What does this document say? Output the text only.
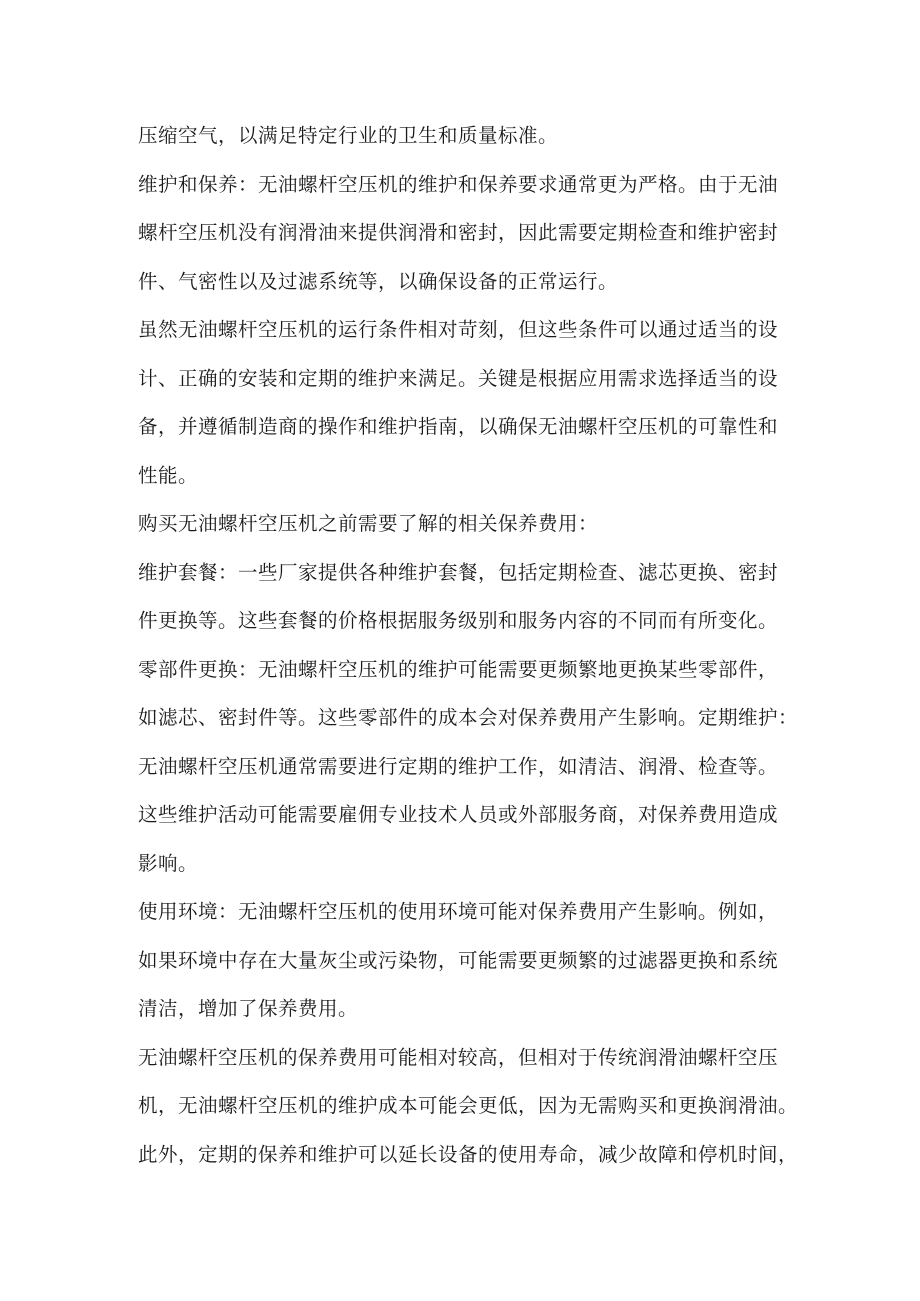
压缩空气，以满足特定行业的卫生和质量标准。
维护和保养：无油螺杆空压机的维护和保养要求通常更为严格。由于无油
螺杆空压机没有润滑油来提供润滑和密封，因此需要定期检查和维护密封
件、气密性以及过滤系统等，以确保设备的正常运行。
虽然无油螺杆空压机的运行条件相对苛刻，但这些条件可以通过适当的设
计、正确的安装和定期的维护来满足。关键是根据应用需求选择适当的设
备，并遵循制造商的操作和维护指南，以确保无油螺杆空压机的可靠性和
性能。
购买无油螺杆空压机之前需要了解的相关保养费用：
维护套餐：一些厂家提供各种维护套餐，包括定期检查、滤芯更换、密封
件更换等。这些套餐的价格根据服务级别和服务内容的不同而有所变化。
零部件更换：无油螺杆空压机的维护可能需要更频繁地更换某些零部件，
如滤芯、密封件等。这些零部件的成本会对保养费用产生影响。定期维护：
无油螺杆空压机通常需要进行定期的维护工作，如清洁、润滑、检查等。
这些维护活动可能需要雇佣专业技术人员或外部服务商，对保养费用造成
影响。
使用环境：无油螺杆空压机的使用环境可能对保养费用产生影响。例如，
如果环境中存在大量灰尘或污染物，可能需要更频繁的过滤器更换和系统
清洁，增加了保养费用。
无油螺杆空压机的保养费用可能相对较高，但相对于传统润滑油螺杆空压
机，无油螺杆空压机的维护成本可能会更低，因为无需购买和更换润滑油。
此外，定期的保养和维护可以延长设备的使用寿命，减少故障和停机时间，
